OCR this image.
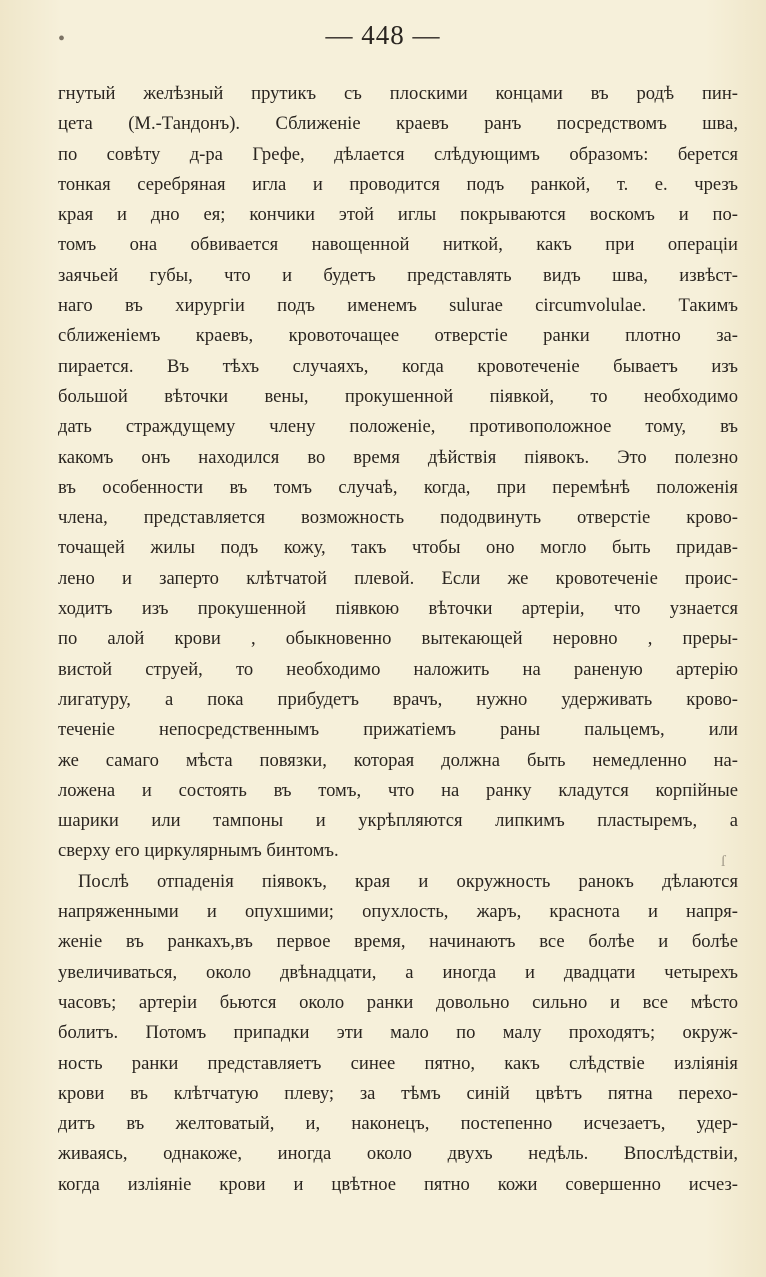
•	— 448 —
гнутый желѣзный прутикъ съ плоскими концами въ родѣ пин-
цета (М.-Тандонъ). Сближенiе краевъ ранъ посредствомъ шва,
по совѣту д-ра Грефе, дѣлается слѣдующимъ образомъ: берется
тонкая серебряная игла и проводится подъ ранкой, т. е. чрезъ
края и дно ея; кончики этой иглы покрываются воскомъ и по-
томъ она обвивается навощенной ниткой, какъ при операцiи
заячьей губы, что и будетъ представлять видъ шва, извѣст-
наго въ хирургiи подъ именемъ sulurae circumvolulae. Такимъ
сближенiемъ краевъ, кровоточащее отверстiе ранки плотно за-
пирается. Въ тѣхъ случаяхъ, когда кровотеченiе бываетъ изъ
большой вѣточки вены, прокушенной пiявкой, то необходимо
дать страждущему члену положенiе, противоположное тому, въ
какомъ онъ находился во время дѣйствiя пiявокъ. Это полезно
въ особенности въ томъ случаѣ, когда, при перемѣнѣ положенiя
члена, представляется возможность пододвинуть отверстiе крово-
точащей жилы подъ кожу, такъ чтобы оно могло быть придав-
лено и заперто клѣтчатой плевой. Если же кровотеченiе проис-
ходитъ изъ прокушенной пiявкою вѣточки артерiи, что узнается
по алой крови , обыкновенно вытекающей неровно , преры-
вистой струей, то необходимо наложить на раненую артерiю
лигатуру, а пока прибудетъ врачъ, нужно удерживать крово-
теченiе непосредственнымъ прижатiемъ раны пальцемъ, или
же самаго мѣста повязки, которая должна быть немедленно на-
ложена и состоять въ томъ, что на ранку кладутся корпiйные
шарики или тампоны и укрѣпляются липкимъ пластыремъ, а
сверху его циркулярнымъ бинтомъ.
Послѣ отпаденiя пiявокъ, края и окружность ранокъ дѣлаются
напряженными и опухшими; опухлость, жаръ, краснота и напря-
женiе въ ранкахъ,въ первое время, начинаютъ все болѣе и болѣе
увеличиваться, около двѣнадцати, а иногда и двадцати четырехъ
часовъ; артерiи бьются около ранки довольно сильно и все мѣсто
болитъ. Потомъ припадки эти мало по малу проходятъ; окруж-
ность ранки представляетъ синее пятно, какъ слѣдствiе излiянiя
крови въ клѣтчатую плеву; за тѣмъ синiй цвѣтъ пятна перехо-
дитъ въ желтоватый, и, наконецъ, постепенно исчезаетъ, удер-
живаясь, однакоже, иногда около двухъ недѣль. Впослѣдствiи,
когда излiянiе крови и цвѣтное пятно кожи совершенно исчез-
ſ
